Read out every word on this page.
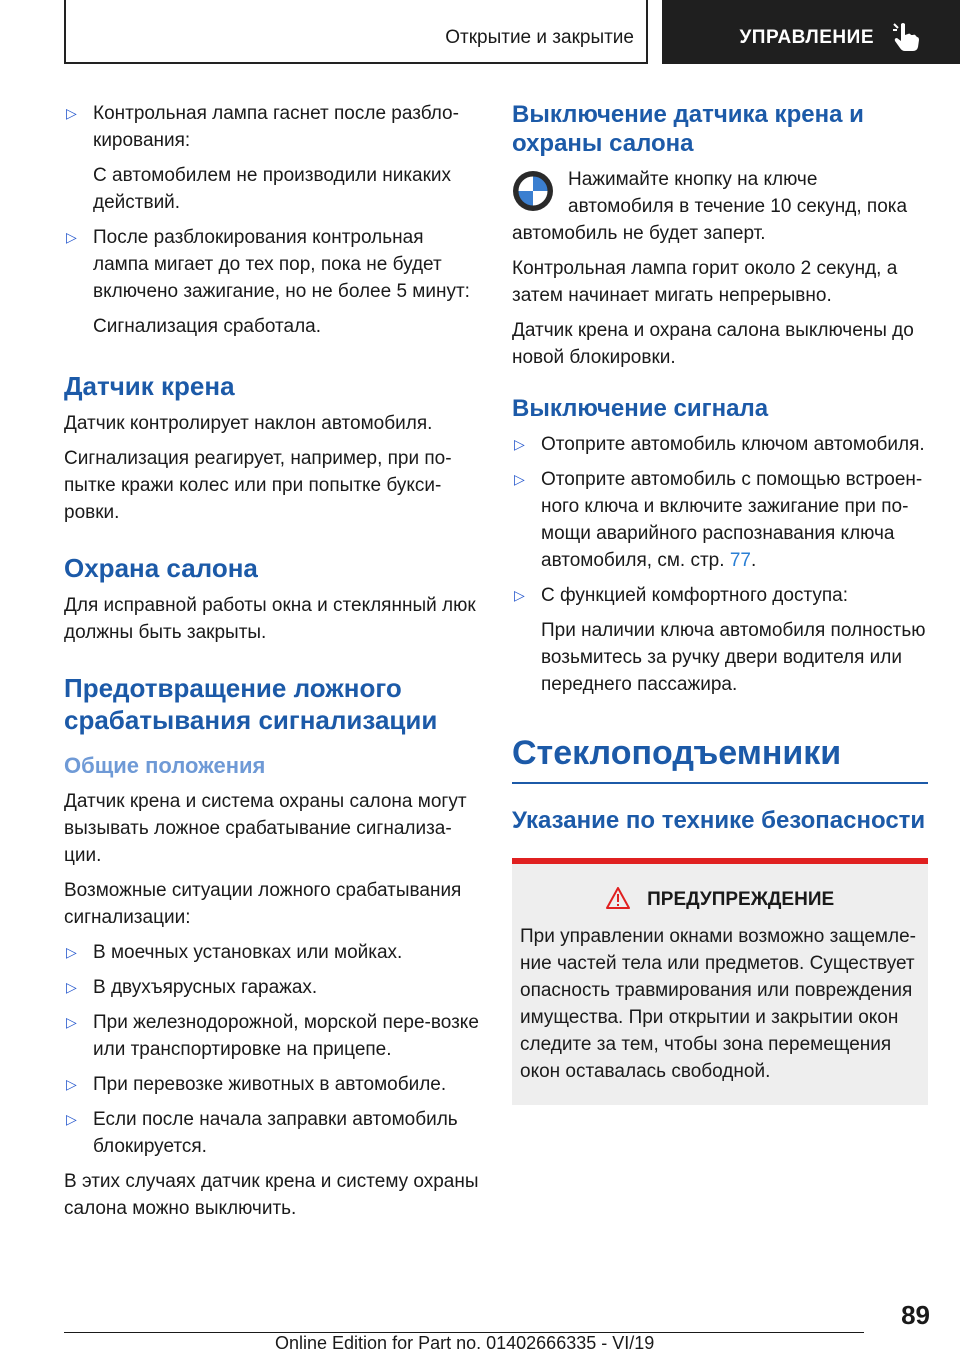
Открытие и закрытие	УПРАВЛЕНИЕ
▷ Контрольная лампа гаснет после разбло-кирования:

С автомобилем не производили никаких действий.

▷ После разблокирования контрольная лампа мигает до тех пор, пока не будет включено зажигание, но не более 5 минут:

Сигнализация сработала.

Датчик крена

Датчик контролирует наклон автомобиля.

Сигнализация реагирует, например, при по-пытке кражи колес или при попытке букси-ровки.

Охрана салона

Для исправной работы окна и стеклянный люк должны быть закрыты.

Предотвращение ложного срабатывания сигнализации
Общие положения

Датчик крена и система охраны салона могут вызывать ложное срабатывание сигнализа-ции.

Возможные ситуации ложного срабатывания сигнализации:

▷ В моечных установках или мойках.
▷ В двухъярусных гаражах.
▷ При железнодорожной, морской пере-возке или транспортировке на прицепе.
▷ При перевозке животных в автомобиле.
▷ Если после начала заправки автомобиль блокируется.

В этих случаях датчик крена и систему охраны салона можно выключить.

Выключение датчика крена и охраны салона

Нажимайте кнопку на ключе автомобиля в течение 10 секунд, пока автомобиль не будет заперт.

Контрольная лампа горит около 2 секунд, а затем начинает мигать непрерывно.

Датчик крена и охрана салона выключены до новой блокировки.

Выключение сигнала
▷ Отоприте автомобиль ключом автомобиля.
▷ Отоприте автомобиль с помощью встроен-ного ключа и включите зажигание при по-мощи аварийного распознавания ключа автомобиля, см. стр. 77.
▷ С функцией комфортного доступа:

При наличии ключа автомобиля полностью возьмитесь за ручку двери водителя или переднего пассажира.

Стеклоподъемники
Указание по технике безопасности
ПРЕДУПРЕЖДЕНИЕ
При управлении окнами возможно защемле-ние частей тела или предметов. Существует опасность травмирования или повреждения имущества. При открытии и закрытии окон следите за тем, чтобы зона перемещения окон оставалась свободной.
89
Online Edition for Part no. 01402666335 - VI/19
